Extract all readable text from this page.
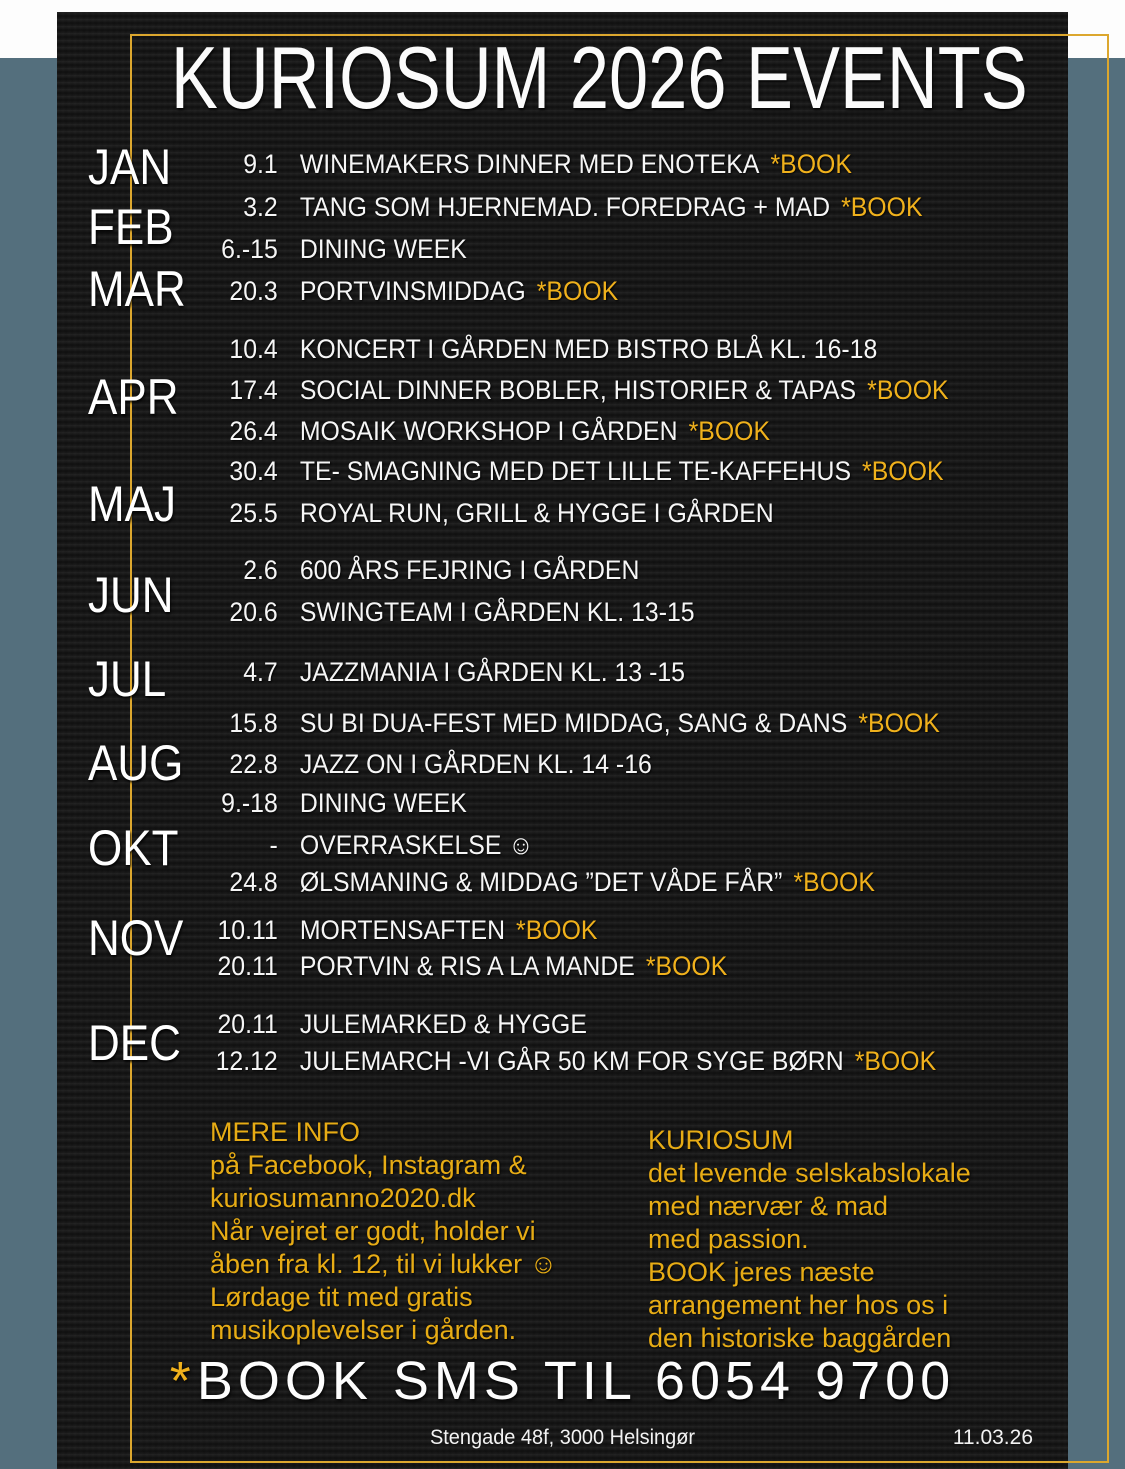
KURIOSUM 2026 EVENTS
JAN
FEB
MAR
APR
MAJ
JUN
JUL
AUG
OKT
NOV
DEC
9.1 WINEMAKERS DINNER MED ENOTEKA *BOOK
3.2 TANG SOM HJERNEMAD. FOREDRAG + MAD *BOOK
6.-15 DINING WEEK
20.3 PORTVINSMIDDAG *BOOK
10.4 KONCERT I GÅRDEN MED BISTRO BLÅ KL. 16-18
17.4 SOCIAL DINNER BOBLER, HISTORIER & TAPAS *BOOK
26.4 MOSAIK WORKSHOP I GÅRDEN *BOOK
30.4 TE- SMAGNING MED DET LILLE TE-KAFFEHUS *BOOK
25.5 ROYAL RUN, GRILL & HYGGE I GÅRDEN
2.6 600 ÅRS FEJRING I GÅRDEN
20.6 SWINGTEAM I GÅRDEN KL. 13-15
4.7 JAZZMANIA I GÅRDEN KL. 13 -15
15.8 SU BI DUA-FEST MED MIDDAG, SANG & DANS *BOOK
22.8 JAZZ ON I GÅRDEN KL. 14 -16
9.-18 DINING WEEK
- OVERRASKELSE ☺
24.8 ØLSMANING & MIDDAG ”DET VÅDE FÅR” *BOOK
10.11 MORTENSAFTEN *BOOK
20.11 PORTVIN & RIS A LA MANDE *BOOK
20.11 JULEMARKED & HYGGE
12.12 JULEMARCH -VI GÅR 50 KM FOR SYGE BØRN *BOOK
MERE INFO
på Facebook, Instagram &
kuriosumanno2020.dk
Når vejret er godt, holder vi
åben fra kl. 12, til vi lukker ☺
Lørdage tit med gratis
musikoplevelser i gården.
KURIOSUM
det levende selskabslokale
med nærvær & mad
med passion.
BOOK jeres næste
arrangement her hos os i
den historiske baggården
* BOOK SMS TIL 6054 9700
Stengade 48f, 3000 Helsingør	11.03.26
